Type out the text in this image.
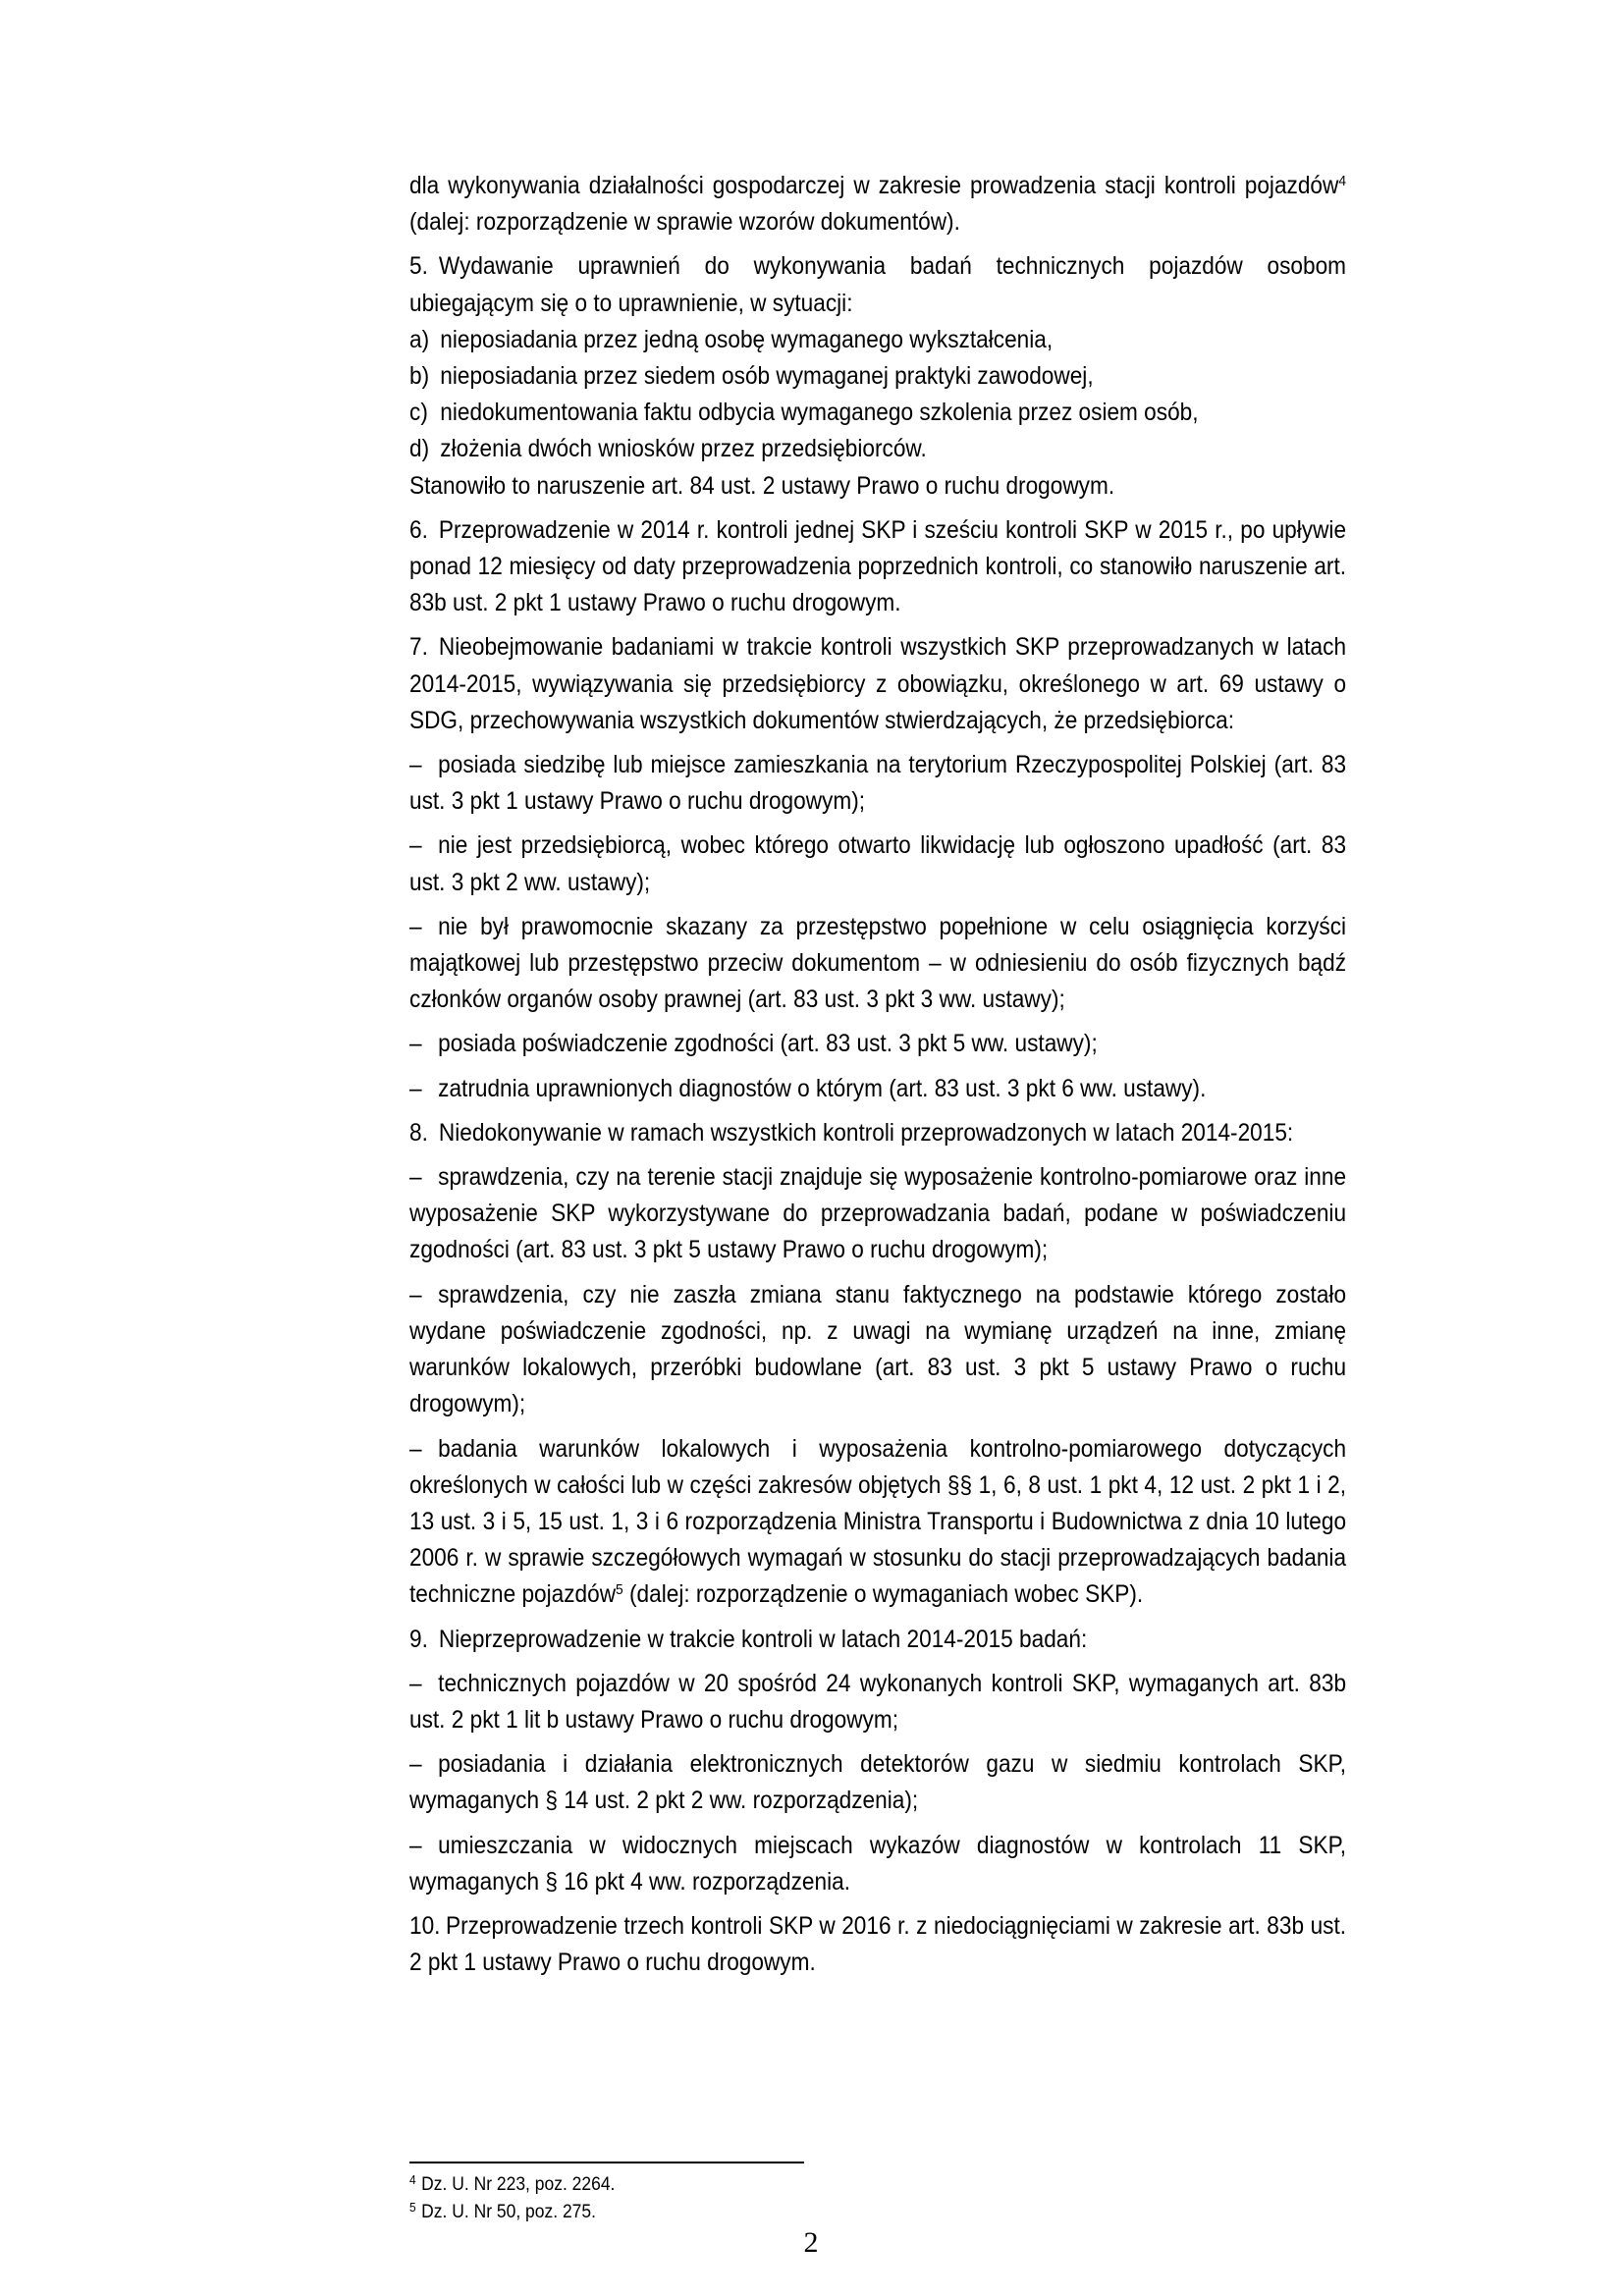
dla wykonywania działalności gospodarczej w zakresie prowadzenia stacji kontroli pojazdów$^4$ (dalej: rozporządzenie w sprawie wzorów dokumentów).

5. Wydawanie uprawnień do wykonywania badań technicznych pojazdów osobom ubiegającym się o to uprawnienie, w sytuacji:

a) nieposiadania przez jedną osobę wymaganego wykształcenia,
b) nieposiadania przez siedem osób wymaganej praktyki zawodowej,
c) niedokumentowania faktu odbycia wymaganego szkolenia przez osiem osób,
d) złożenia dwóch wniosków przez przedsiębiorców.

Stanowiło to naruszenie art. 84 ust. 2 ustawy Prawo o ruchu drogowym.

6. Przeprowadzenie w 2014 r. kontroli jednej SKP i sześciu kontroli SKP w 2015 r., po upływie ponad 12 miesięcy od daty przeprowadzenia poprzednich kontroli, co stanowiło naruszenie art. 83b ust. 2 pkt 1 ustawy Prawo o ruchu drogowym.

7. Nieobejmowanie badaniami w trakcie kontroli wszystkich SKP przeprowadzanych w latach 2014-2015, wywiązywania się przedsiębiorcy z obowiązku, określonego w art. 69 ustawy o SDG, przechowywania wszystkich dokumentów stwierdzających, że przedsiębiorca:

– posiada siedzibę lub miejsce zamieszkania na terytorium Rzeczypospolitej Polskiej (art. 83 ust. 3 pkt 1 ustawy Prawo o ruchu drogowym);

– nie jest przedsiębiorcą, wobec którego otwarto likwidację lub ogłoszono upadłość (art. 83 ust. 3 pkt 2 ww. ustawy);

– nie był prawomocnie skazany za przestępstwo popełnione w celu osiągnięcia korzyści majątkowej lub przestępstwo przeciw dokumentom – w odniesieniu do osób fizycznych bądź członków organów osoby prawnej (art. 83 ust. 3 pkt 3 ww. ustawy);

– posiada poświadczenie zgodności (art. 83 ust. 3 pkt 5 ww. ustawy);

– zatrudnia uprawnionych diagnostów o którym (art. 83 ust. 3 pkt 6 ww. ustawy).

8. Niedokonywanie w ramach wszystkich kontroli przeprowadzonych w latach 2014-2015:

– sprawdzenia, czy na terenie stacji znajduje się wyposażenie kontrolno-pomiarowe oraz inne wyposażenie SKP wykorzystywane do przeprowadzania badań, podane w poświadczeniu zgodności (art. 83 ust. 3 pkt 5 ustawy Prawo o ruchu drogowym);

– sprawdzenia, czy nie zaszła zmiana stanu faktycznego na podstawie którego zostało wydane poświadczenie zgodności, np. z uwagi na wymianę urządzeń na inne, zmianę warunków lokalowych, przeróbki budowlane (art. 83 ust. 3 pkt 5 ustawy Prawo o ruchu drogowym);

– badania warunków lokalowych i wyposażenia kontrolno-pomiarowego dotyczących określonych w całości lub w części zakresów objętych §§ 1, 6, 8 ust. 1 pkt 4, 12 ust. 2 pkt 1 i 2, 13 ust. 3 i 5, 15 ust. 1, 3 i 6 rozporządzenia Ministra Transportu i Budownictwa z dnia 10 lutego 2006 r. w sprawie szczegółowych wymagań w stosunku do stacji przeprowadzających badania techniczne pojazdów$^5$ (dalej: rozporządzenie o wymaganiach wobec SKP).

9. Nieprzeprowadzenie w trakcie kontroli w latach 2014-2015 badań:

– technicznych pojazdów w 20 spośród 24 wykonanych kontroli SKP, wymaganych art. 83b ust. 2 pkt 1 lit b ustawy Prawo o ruchu drogowym;

– posiadania i działania elektronicznych detektorów gazu w siedmiu kontrolach SKP, wymaganych § 14 ust. 2 pkt 2 ww. rozporządzenia);

– umieszczania w widocznych miejscach wykazów diagnostów w kontrolach 11 SKP, wymaganych § 16 pkt 4 ww. rozporządzenia.

10. Przeprowadzenie trzech kontroli SKP w 2016 r. z niedociągnięciami w zakresie art. 83b ust. 2 pkt 1 ustawy Prawo o ruchu drogowym.

$^4$ Dz. U. Nr 223, poz. 2264.
$^5$ Dz. U. Nr 50, poz. 275.
2
